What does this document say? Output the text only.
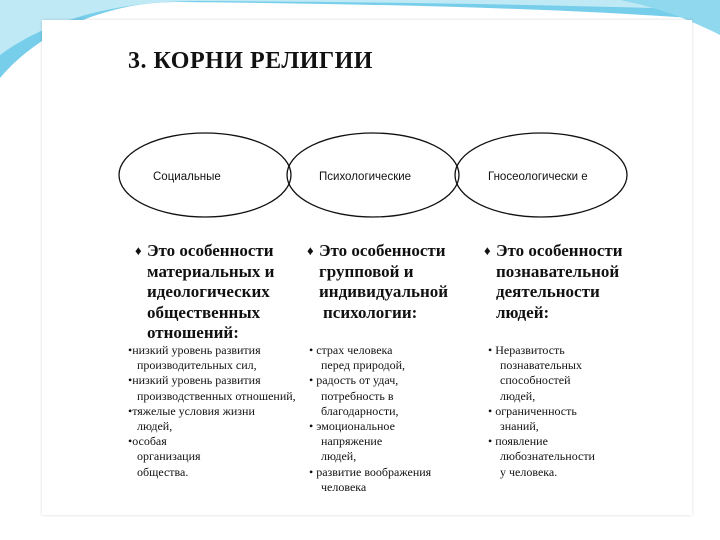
3. КОРНИ РЕЛИГИИ
Социальные	Психологические	Гносеологически е
♦ Это особенности
материальных и
идеологических
общественных
отношений:
♦ Это особенности
групповой и
индивидуальной
психологии:
♦ Это особенности
познавательной
деятельности
людей:
•низкий уровень развития
производительных сил,
•низкий уровень развития
производственных отношений,
•тяжелые условия жизни
людей,
•особая
организация
общества.
• страх человека
перед природой,
• радость от удач,
потребность в
благодарности,
• эмоциональное
напряжение
людей,
• развитие воображения
человека
• Неразвитость
познавательных
способностей
людей,
• ограниченность
знаний,
• появление
любознательности
у человека.
